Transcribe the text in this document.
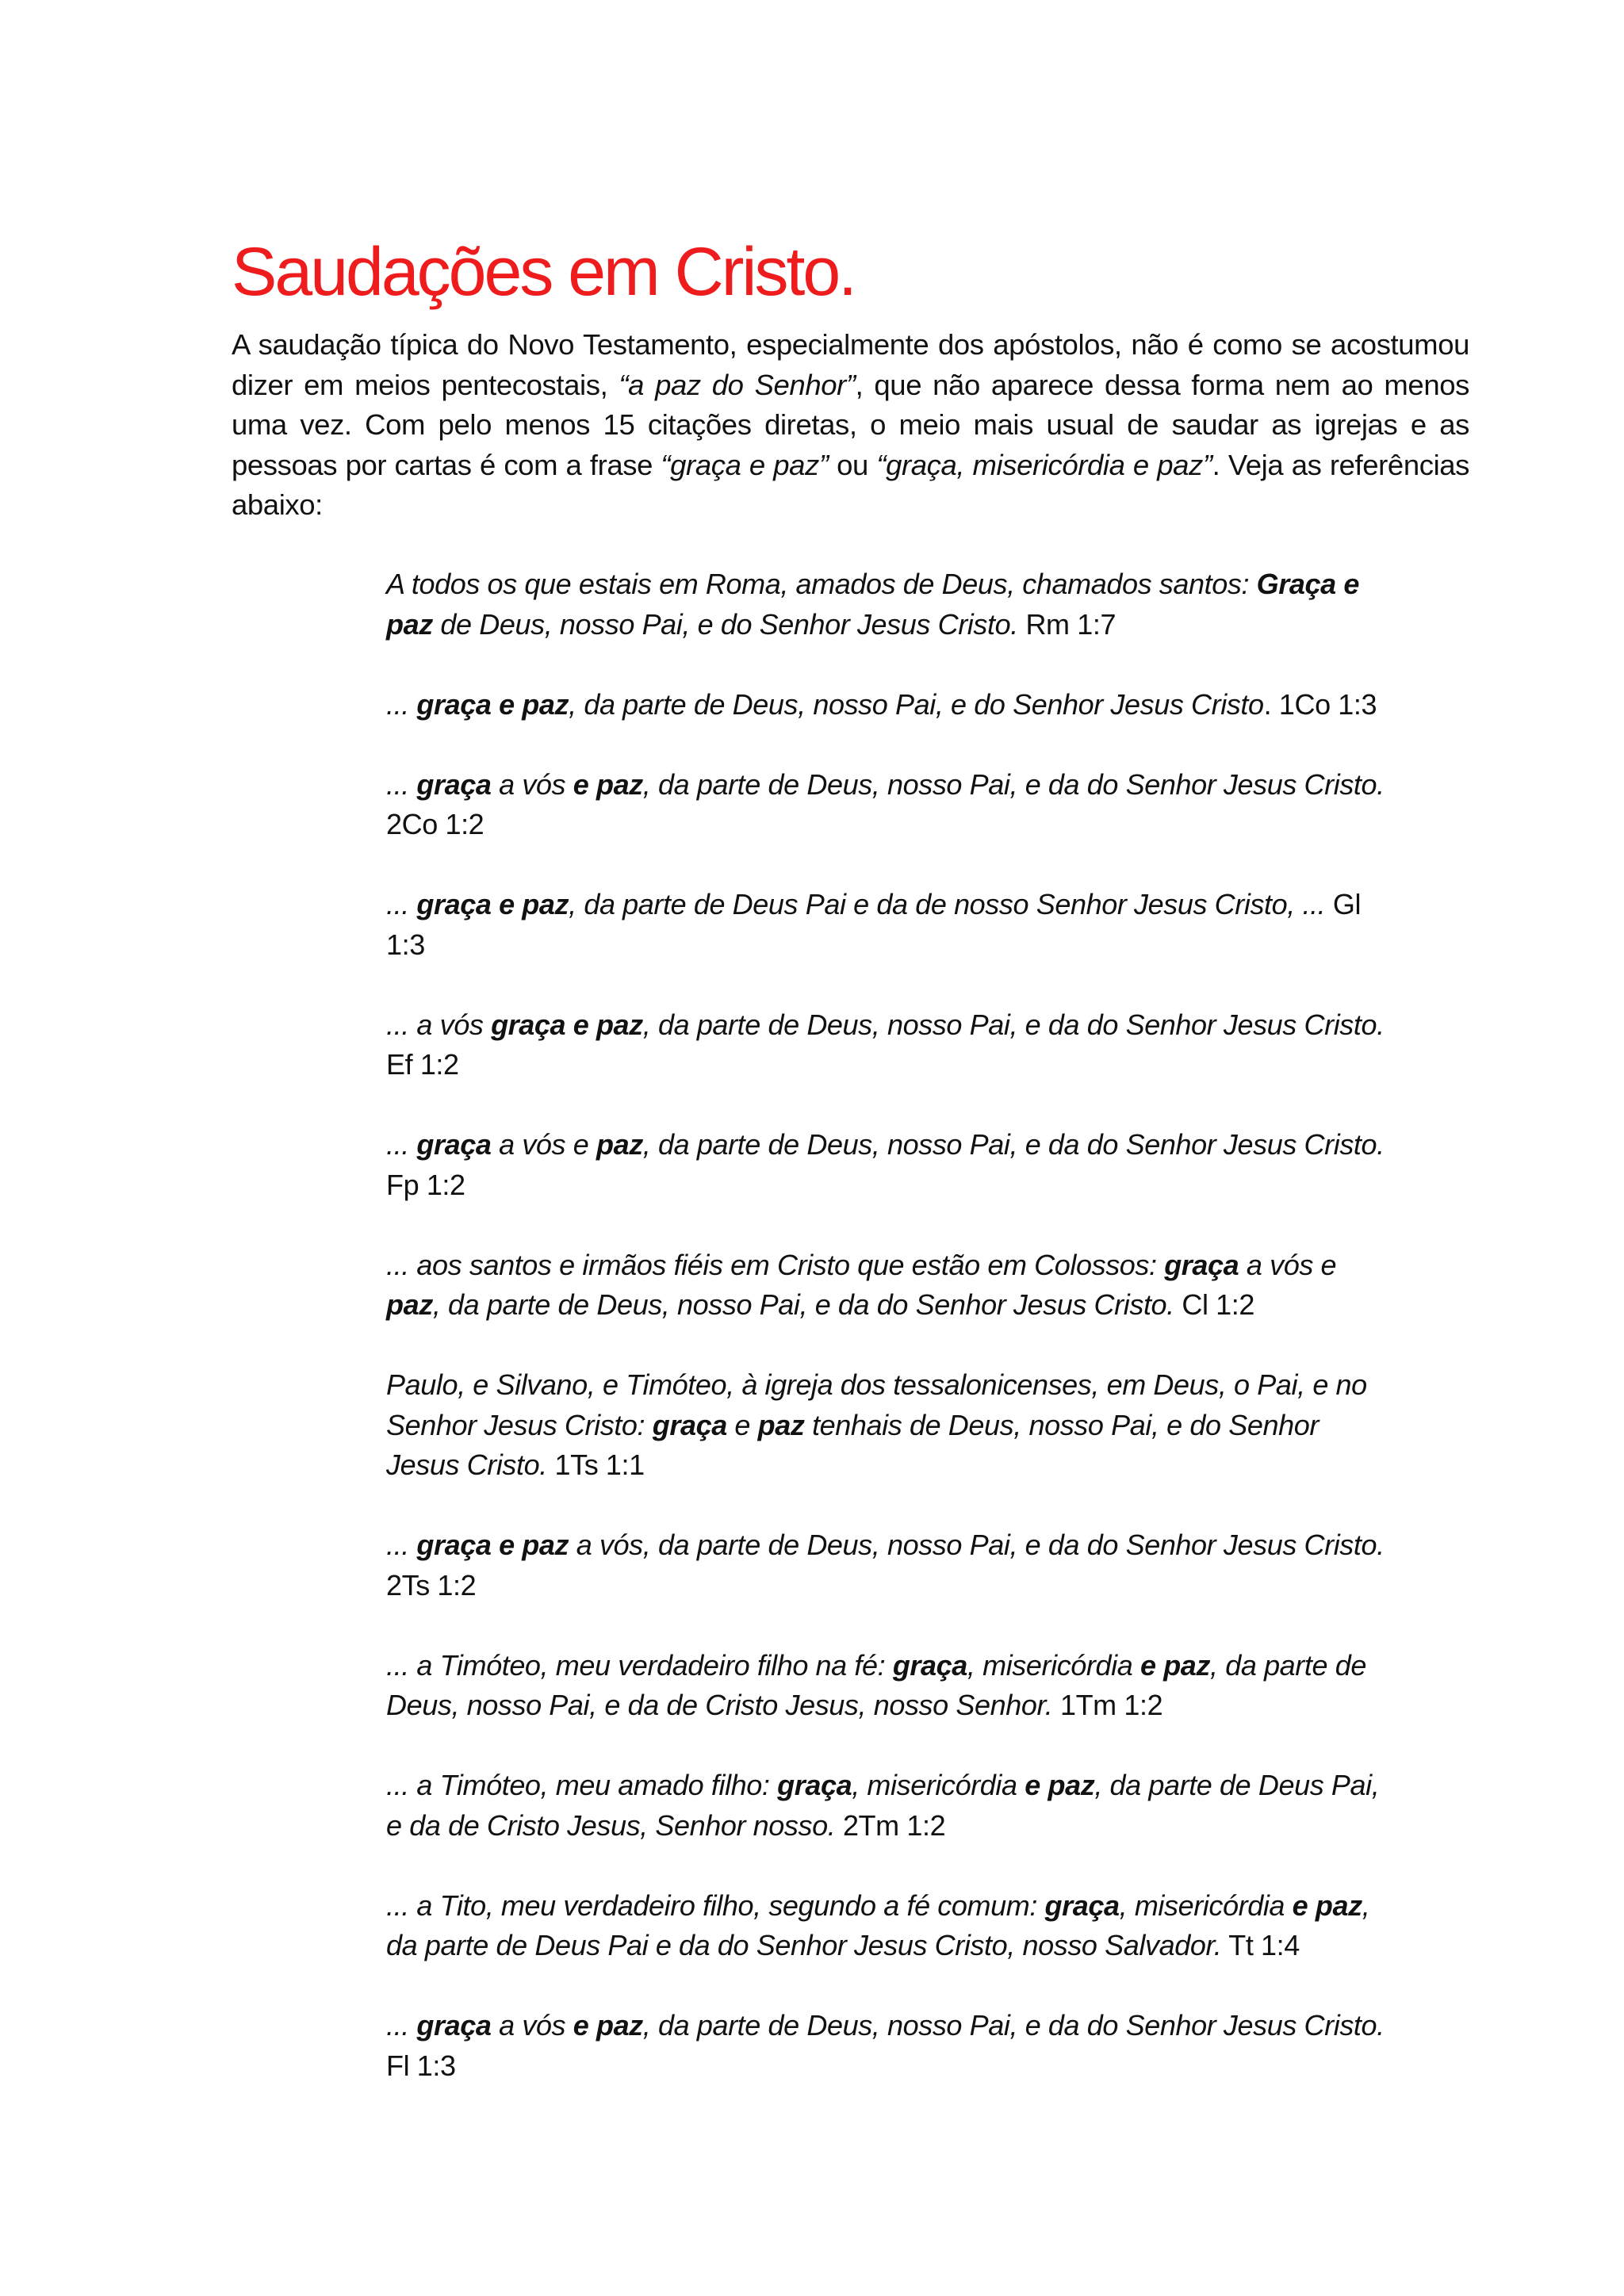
Saudações em Cristo.

A saudação típica do Novo Testamento, especialmente dos apóstolos, não é como se acostumou dizer em meios pentecostais, “a paz do Senhor”, que não aparece dessa forma nem ao menos uma vez. Com pelo menos 15 citações diretas, o meio mais usual de saudar as igrejas e as pessoas por cartas é com a frase “graça e paz” ou “graça, misericórdia e paz”. Veja as referências abaixo:

A todos os que estais em Roma, amados de Deus, chamados santos: Graça e paz de Deus, nosso Pai, e do Senhor Jesus Cristo. Rm 1:7
... graça e paz, da parte de Deus, nosso Pai, e do Senhor Jesus Cristo. 1Co 1:3
... graça a vós e paz, da parte de Deus, nosso Pai, e da do Senhor Jesus Cristo. 2Co 1:2
... graça e paz, da parte de Deus Pai e da de nosso Senhor Jesus Cristo, ... Gl 1:3
... a vós graça e paz, da parte de Deus, nosso Pai, e da do Senhor Jesus Cristo. Ef 1:2
... graça a vós e paz, da parte de Deus, nosso Pai, e da do Senhor Jesus Cristo. Fp 1:2
... aos santos e irmãos fiéis em Cristo que estão em Colossos: graça a vós e paz, da parte de Deus, nosso Pai, e da do Senhor Jesus Cristo. Cl 1:2
Paulo, e Silvano, e Timóteo, à igreja dos tessalonicenses, em Deus, o Pai, e no Senhor Jesus Cristo: graça e paz tenhais de Deus, nosso Pai, e do Senhor Jesus Cristo. 1Ts 1:1
... graça e paz a vós, da parte de Deus, nosso Pai, e da do Senhor Jesus Cristo. 2Ts 1:2
... a Timóteo, meu verdadeiro filho na fé: graça, misericórdia e paz, da parte de Deus, nosso Pai, e da de Cristo Jesus, nosso Senhor. 1Tm 1:2
... a Timóteo, meu amado filho: graça, misericórdia e paz, da parte de Deus Pai, e da de Cristo Jesus, Senhor nosso. 2Tm 1:2
... a Tito, meu verdadeiro filho, segundo a fé comum: graça, misericórdia e paz, da parte de Deus Pai e da do Senhor Jesus Cristo, nosso Salvador. Tt 1:4
... graça a vós e paz, da parte de Deus, nosso Pai, e da do Senhor Jesus Cristo. Fl 1:3
